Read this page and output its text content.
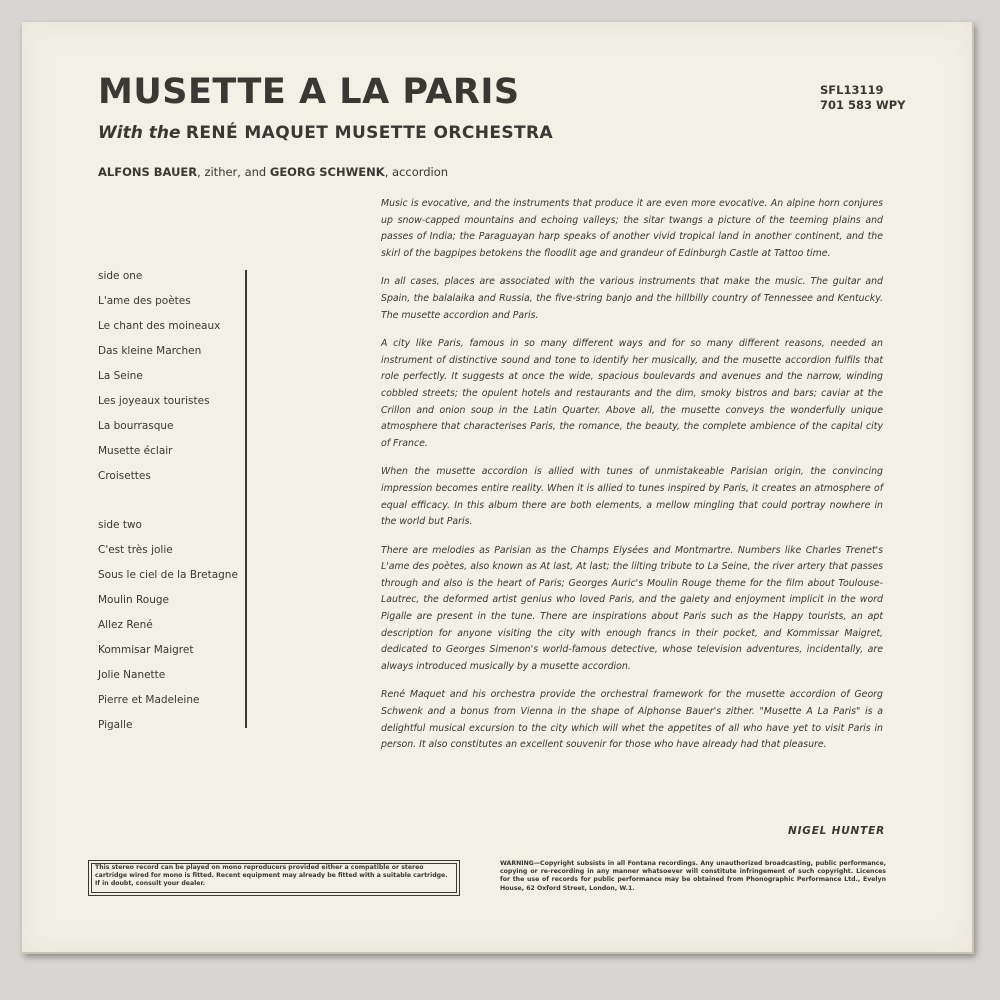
MUSETTE A LA PARIS
With the RENÉ MAQUET MUSETTE ORCHESTRA
SFL13119
701 583 WPY
ALFONS BAUER, zither, and GEORG SCHWENK, accordion
side one
L'ame des poètes
Le chant des moineaux
Das kleine Marchen
La Seine
Les joyeaux touristes
La bourrasque
Musette éclair
Croisettes
side two
C'est très jolie
Sous le ciel de la Bretagne
Moulin Rouge
Allez René
Kommisar Maigret
Jolie Nanette
Pierre et Madeleine
Pigalle

Music is evocative, and the instruments that produce it are even more evocative. An alpine horn conjures up snow-capped mountains and echoing valleys; the sitar twangs a picture of the teeming plains and passes of India; the Paraguayan harp speaks of another vivid tropical land in another continent, and the skirl of the bagpipes betokens the floodlit age and grandeur of Edinburgh Castle at Tattoo time.

In all cases, places are associated with the various instruments that make the music. The guitar and Spain, the balalaika and Russia, the five-string banjo and the hillbilly country of Tennessee and Kentucky. The musette accordion and Paris.

A city like Paris, famous in so many different ways and for so many different reasons, needed an instrument of distinctive sound and tone to identify her musically, and the musette accordion fulfils that role perfectly. It suggests at once the wide, spacious boulevards and avenues and the narrow, winding cobbled streets; the opulent hotels and restaurants and the dim, smoky bistros and bars; caviar at the Crillon and onion soup in the Latin Quarter. Above all, the musette conveys the wonderfully unique atmosphere that characterises Paris, the romance, the beauty, the complete ambience of the capital city of France.

When the musette accordion is allied with tunes of unmistakeable Parisian origin, the convincing impression becomes entire reality. When it is allied to tunes inspired by Paris, it creates an atmosphere of equal efficacy. In this album there are both elements, a mellow mingling that could portray nowhere in the world but Paris.

There are melodies as Parisian as the Champs Elysées and Montmartre. Numbers like Charles Trenet's L'ame des poètes, also known as At last, At last; the lilting tribute to La Seine, the river artery that passes through and also is the heart of Paris; Georges Auric's Moulin Rouge theme for the film about Toulouse-Lautrec, the deformed artist genius who loved Paris, and the gaiety and enjoyment implicit in the word Pigalle are present in the tune. There are inspirations about Paris such as the Happy tourists, an apt description for anyone visiting the city with enough francs in their pocket, and Kommissar Maigret, dedicated to Georges Simenon's world-famous detective, whose television adventures, incidentally, are always introduced musically by a musette accordion.

René Maquet and his orchestra provide the orchestral framework for the musette accordion of Georg Schwenk and a bonus from Vienna in the shape of Alphonse Bauer's zither. "Musette A La Paris" is a delightful musical excursion to the city which will whet the appetites of all who have yet to visit Paris in person. It also constitutes an excellent souvenir for those who have already had that pleasure.

NIGEL HUNTER
This stereo record can be played on mono reproducers provided either a compatible or stereo cartridge wired for mono is fitted. Recent equipment may already be fitted with a suitable cartridge. If in doubt, consult your dealer.
WARNING—Copyright subsists in all Fontana recordings. Any unauthorized broadcasting, public performance, copying or re-recording in any manner whatsoever will constitute infringement of such copyright. Licences for the use of records for public performance may be obtained from Phonographic Performance Ltd., Evelyn House, 62 Oxford Street, London, W.1.
